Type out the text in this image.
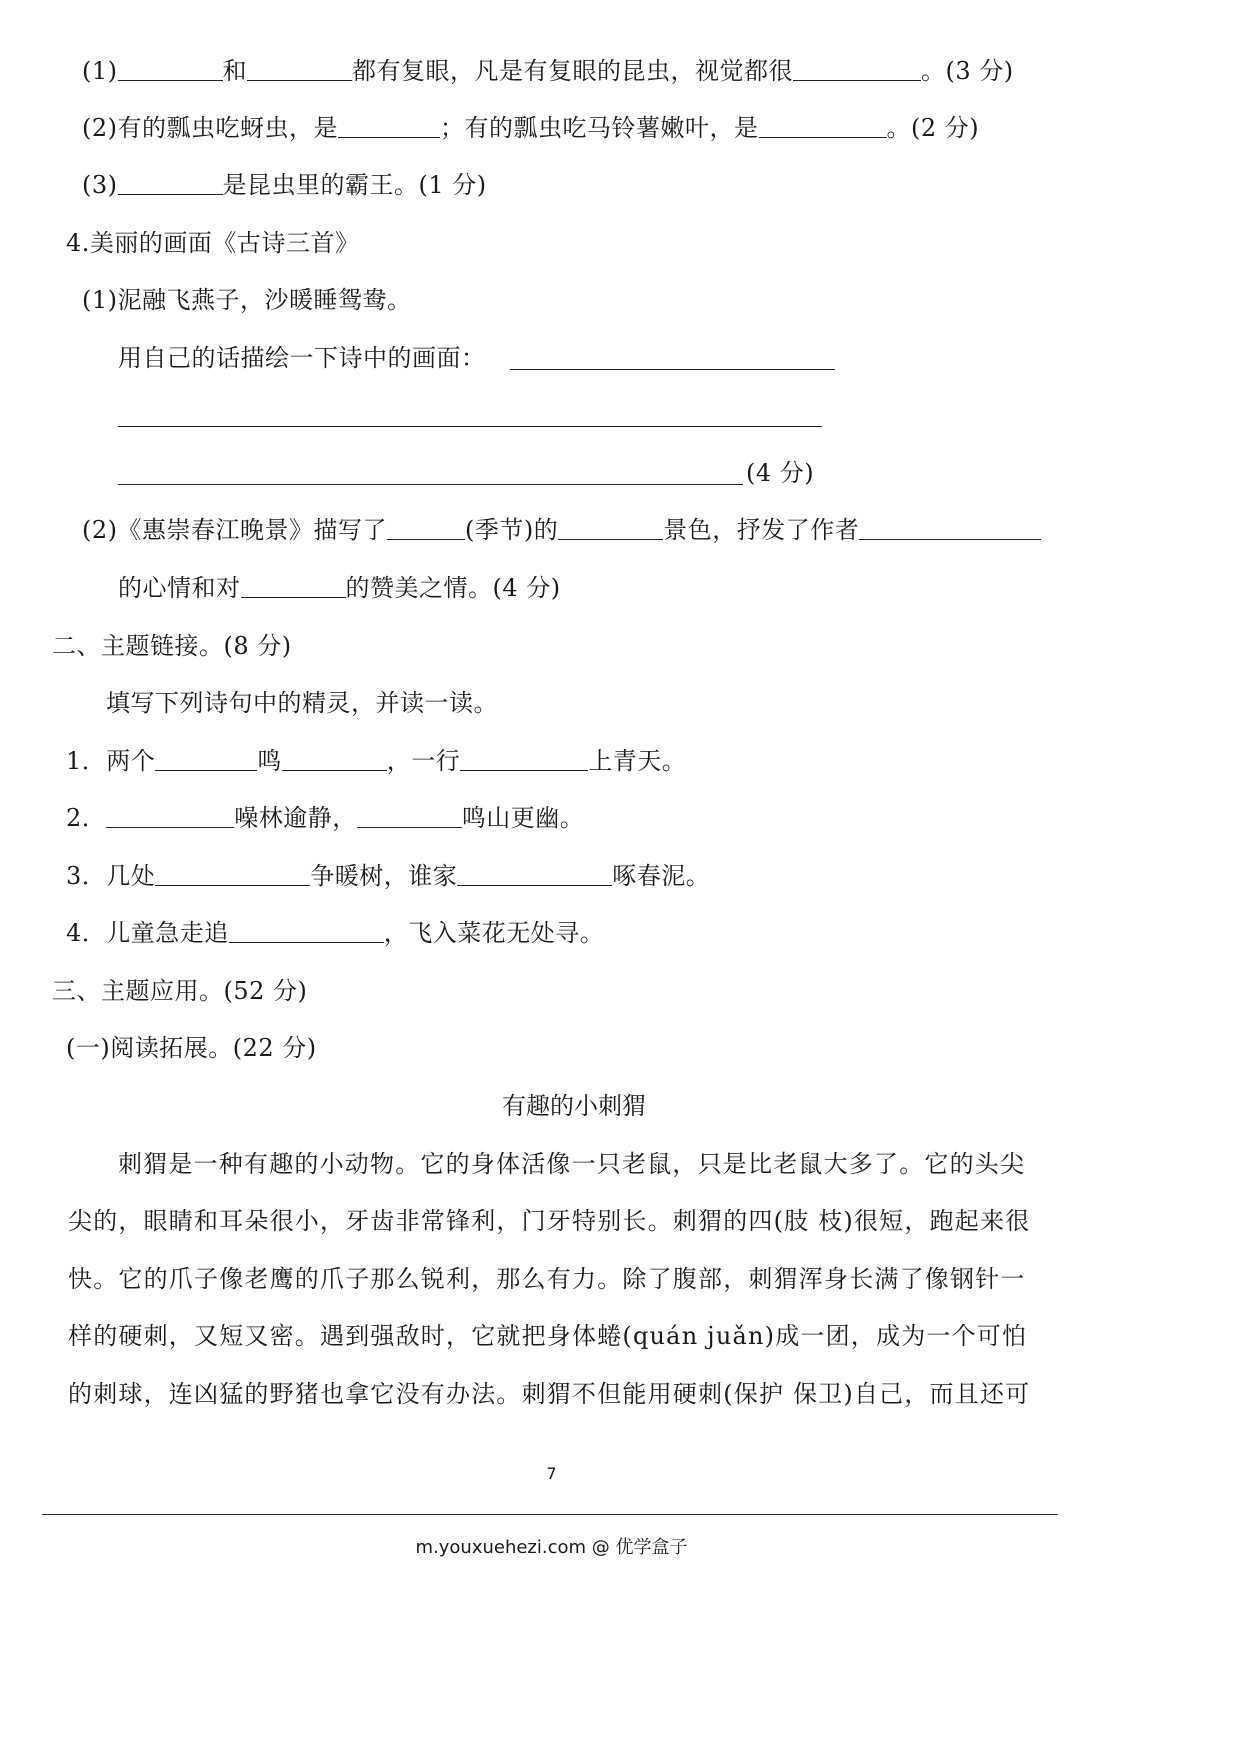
(1)	和	都有复眼，凡是有复眼的昆虫，视觉都很	。(3 分)
(2)有的瓢虫吃蚜虫，是	；有的瓢虫吃马铃薯嫩叶，是	。(2 分)
(3)	是昆虫里的霸王。(1 分)
4.美丽的画面《古诗三首》
(1)泥融飞燕子，沙暖睡鸳鸯。
用自己的话描绘一下诗中的画面：
(4 分)
(2)《惠崇春江晚景》描写了	(季节)的	景色，抒发了作者
的心情和对	的赞美之情。(4 分)
二、主题链接。(8 分)
填写下列诗句中的精灵，并读一读。
1．两个	鸣	，一行	上青天。
2．	噪林逾静，	鸣山更幽。
3．几处	争暖树，谁家	啄春泥。
4．儿童急走追	，飞入菜花无处寻。
三、主题应用。(52 分)
(一)阅读拓展。(22 分)
有趣的小刺猬
刺猬是一种有趣的小动物。它的身体活像一只老鼠，只是比老鼠大多了。它的头尖
尖的，眼睛和耳朵很小，牙齿非常锋利，门牙特别长。刺猬的四(肢 枝)很短，跑起来很
快。它的爪子像老鹰的爪子那么锐利，那么有力。除了腹部，刺猬浑身长满了像钢针一
样的硬刺，又短又密。遇到强敌时，它就把身体蜷(quán juǎn)成一团，成为一个可怕
的刺球，连凶猛的野猪也拿它没有办法。刺猬不但能用硬刺(保护 保卫)自己，而且还可
7
m.youxuehezi.com @ 优学盒子
